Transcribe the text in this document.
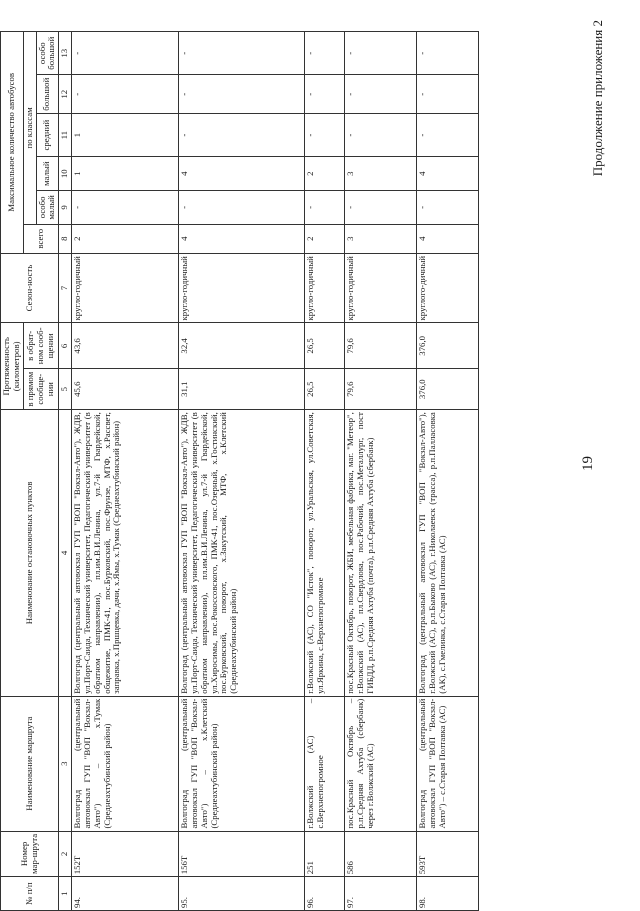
№ п/п	Номер мар-шрута	Наименование маршрута	Наименование остановочных пунктов	Протяженность (километров)		Сезон-ность	Максимальное количество автобусов					
				в прямом сообще-нии	в обрат-ном сооб-щении		всего	по классам				
								особо малый	малый	средний	большой	особо большой
1	2	3	4	5	6	7	8	9	10	11	12	13
94.	152Т	Волгоград (центральный автовокзал ГУП "ВОП "Вокзал-Авто") – х.Тумак (Среднеахтубинский район)	Волгоград (центральный автовокзал ГУП "ВОП "Вокзал-Авто"), ЖДВ, ул.Порт-Саида, Технический университет, Педагогический университет (в обратном направлении), пл.им.В.И.Ленина, ул.7-й Гвардейской, общежитие, ПМК-41, пос.Бурковский, пос.Фрунзе, МТФ, х.Рассвет, заправка, х.Пршцевка, дачи, х.Ямы, х.Тумак (Среднеахтубинский район)	45,6	43,6	кругло-годичный	2	-	1	1	-	-
95.	156Т	Волгоград (центральный автовокзал ГУП "ВОП "Вокзал-Авто") – х.Клетский (Среднеахтубинский район)	Волгоград (центральный автовокзал ГУП "ВОП "Вокзал-Авто"), ЖДВ, ул.Порт-Саида, Технический университет, Педагогический университет (в обратном направлении), пл.им.В.И.Ленина, ул.7-й Гвардейской, ул.Хиросимы, пос.Рокоссовского, ПМК-41, пос.Озерный, х.Гостинский, пос.Бурковский, поворот, х.Закутский, МТФ, х.Клетский (Среднеахтубинский район)	31,1	32,4	кругло-годичный	4	-	4	-	-	-
96.	251	г.Волжский (АС) – с.Верхнепогромное	г.Волжский (АС), СО "Исток", поворот, ул.Уральская, ул.Советская, ул.Яркина, с.Верхнепогромное	26,5	26,5	кругло-годичный	2	-	2	-	-	-
97.	586	пос.Красный Октябрь – р.п.Средняя Ахтуба (сбербанк) через г.Волжский (АС)	пос.Красный Октябрь, поворот, ЖБИ, мебельная фабрика, маг. "Метеор", г.Волжский (АС), пл.Свердлова, пос.Рабочий, пос.Металлург, пост ГИБДД, р.п.Средняя Ахтуба (почта), р.п.Средняя Ахтуба (сбербанк)	79,6	79,6	кругло-годичный	3	-	3	-	-	-
98.	593Т	Волгоград (центральный автовокзал ГУП "ВОП "Вокзал-Авто") – с.Старая Полтавка (АС)	Волгоград (центральный автовокзал ГУП "ВОП "Вокзал-Авто"), г.Волжский (АС), р.п.Быково (АС), г.Николаевск (трасса), р.п.Палласовка (АК), с.Гмелинка, с.Старая Полтавка (АС)	376,0	376,0	круглого-дичный	4	-	4	-	-	-
19
Продолжение приложения 2
